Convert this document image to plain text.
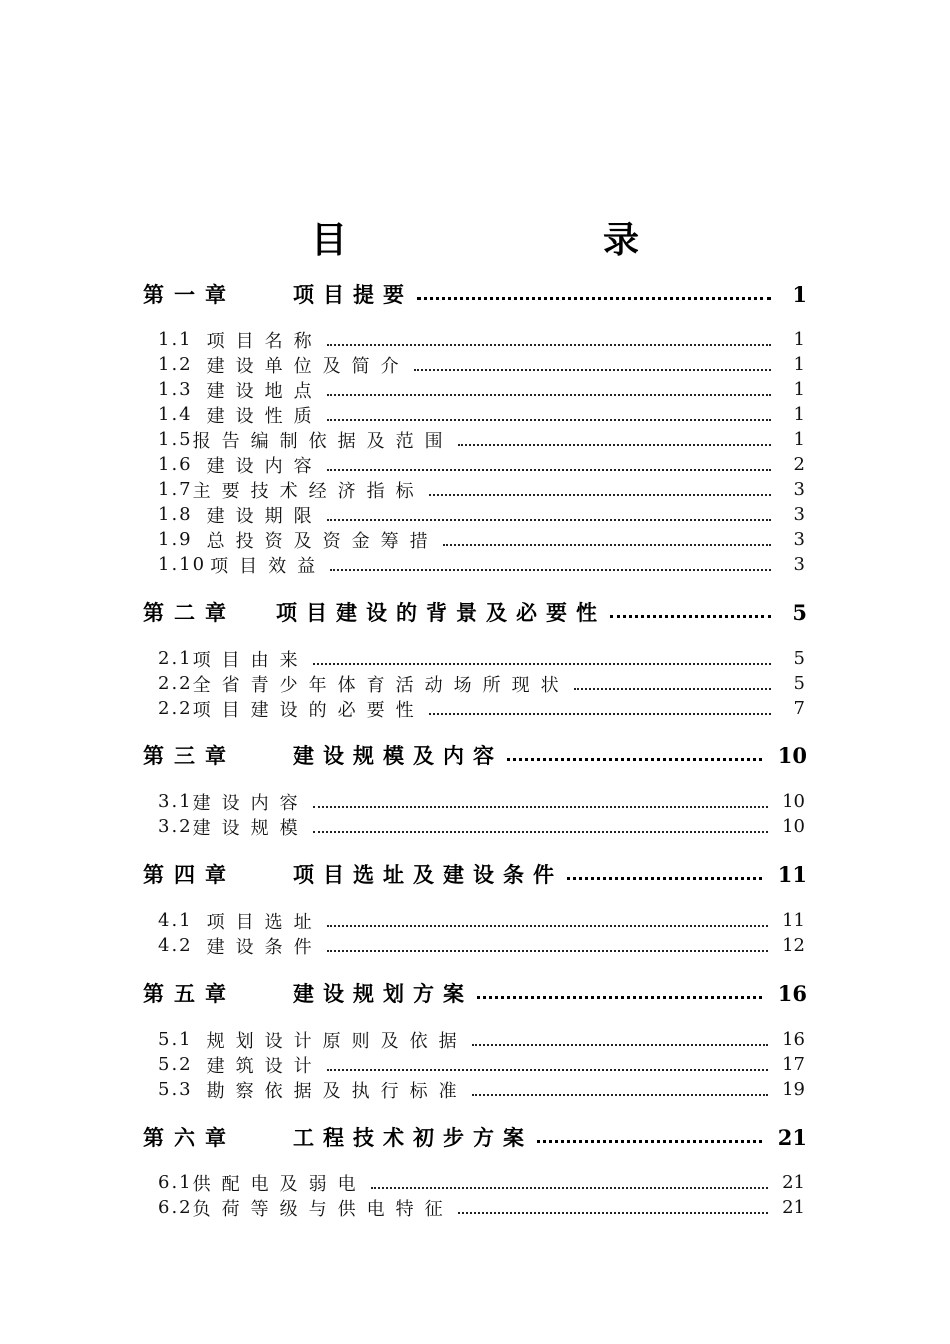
目　录
第一章	项目提要	1
1.1 项目名称	1
1.2 建设单位及简介	1
1.3 建设地点	1
1.4 建设性质	1
1.5 报告编制依据及范围	1
1.6 建设内容	2
1.7 主要技术经济指标	3
1.8 建设期限	3
1.9 总投资及资金筹措	3
1.10 项目效益	3
第二章	项目建设的背景及必要性	5
2.1 项目由来	5
2.2 全省青少年体育活动场所现状	5
2.2 项目建设的必要性	7
第三章	建设规模及内容	10
3.1 建设内容	10
3.2 建设规模	10
第四章	项目选址及建设条件	11
4.1 项目选址	11
4.2 建设条件	12
第五章	建设规划方案	16
5.1 规划设计原则及依据	16
5.2 建筑设计	17
5.3 勘察依据及执行标准	19
第六章	工程技术初步方案	21
6.1 供配电及弱电	21
6.2 负荷等级与供电特征	21
